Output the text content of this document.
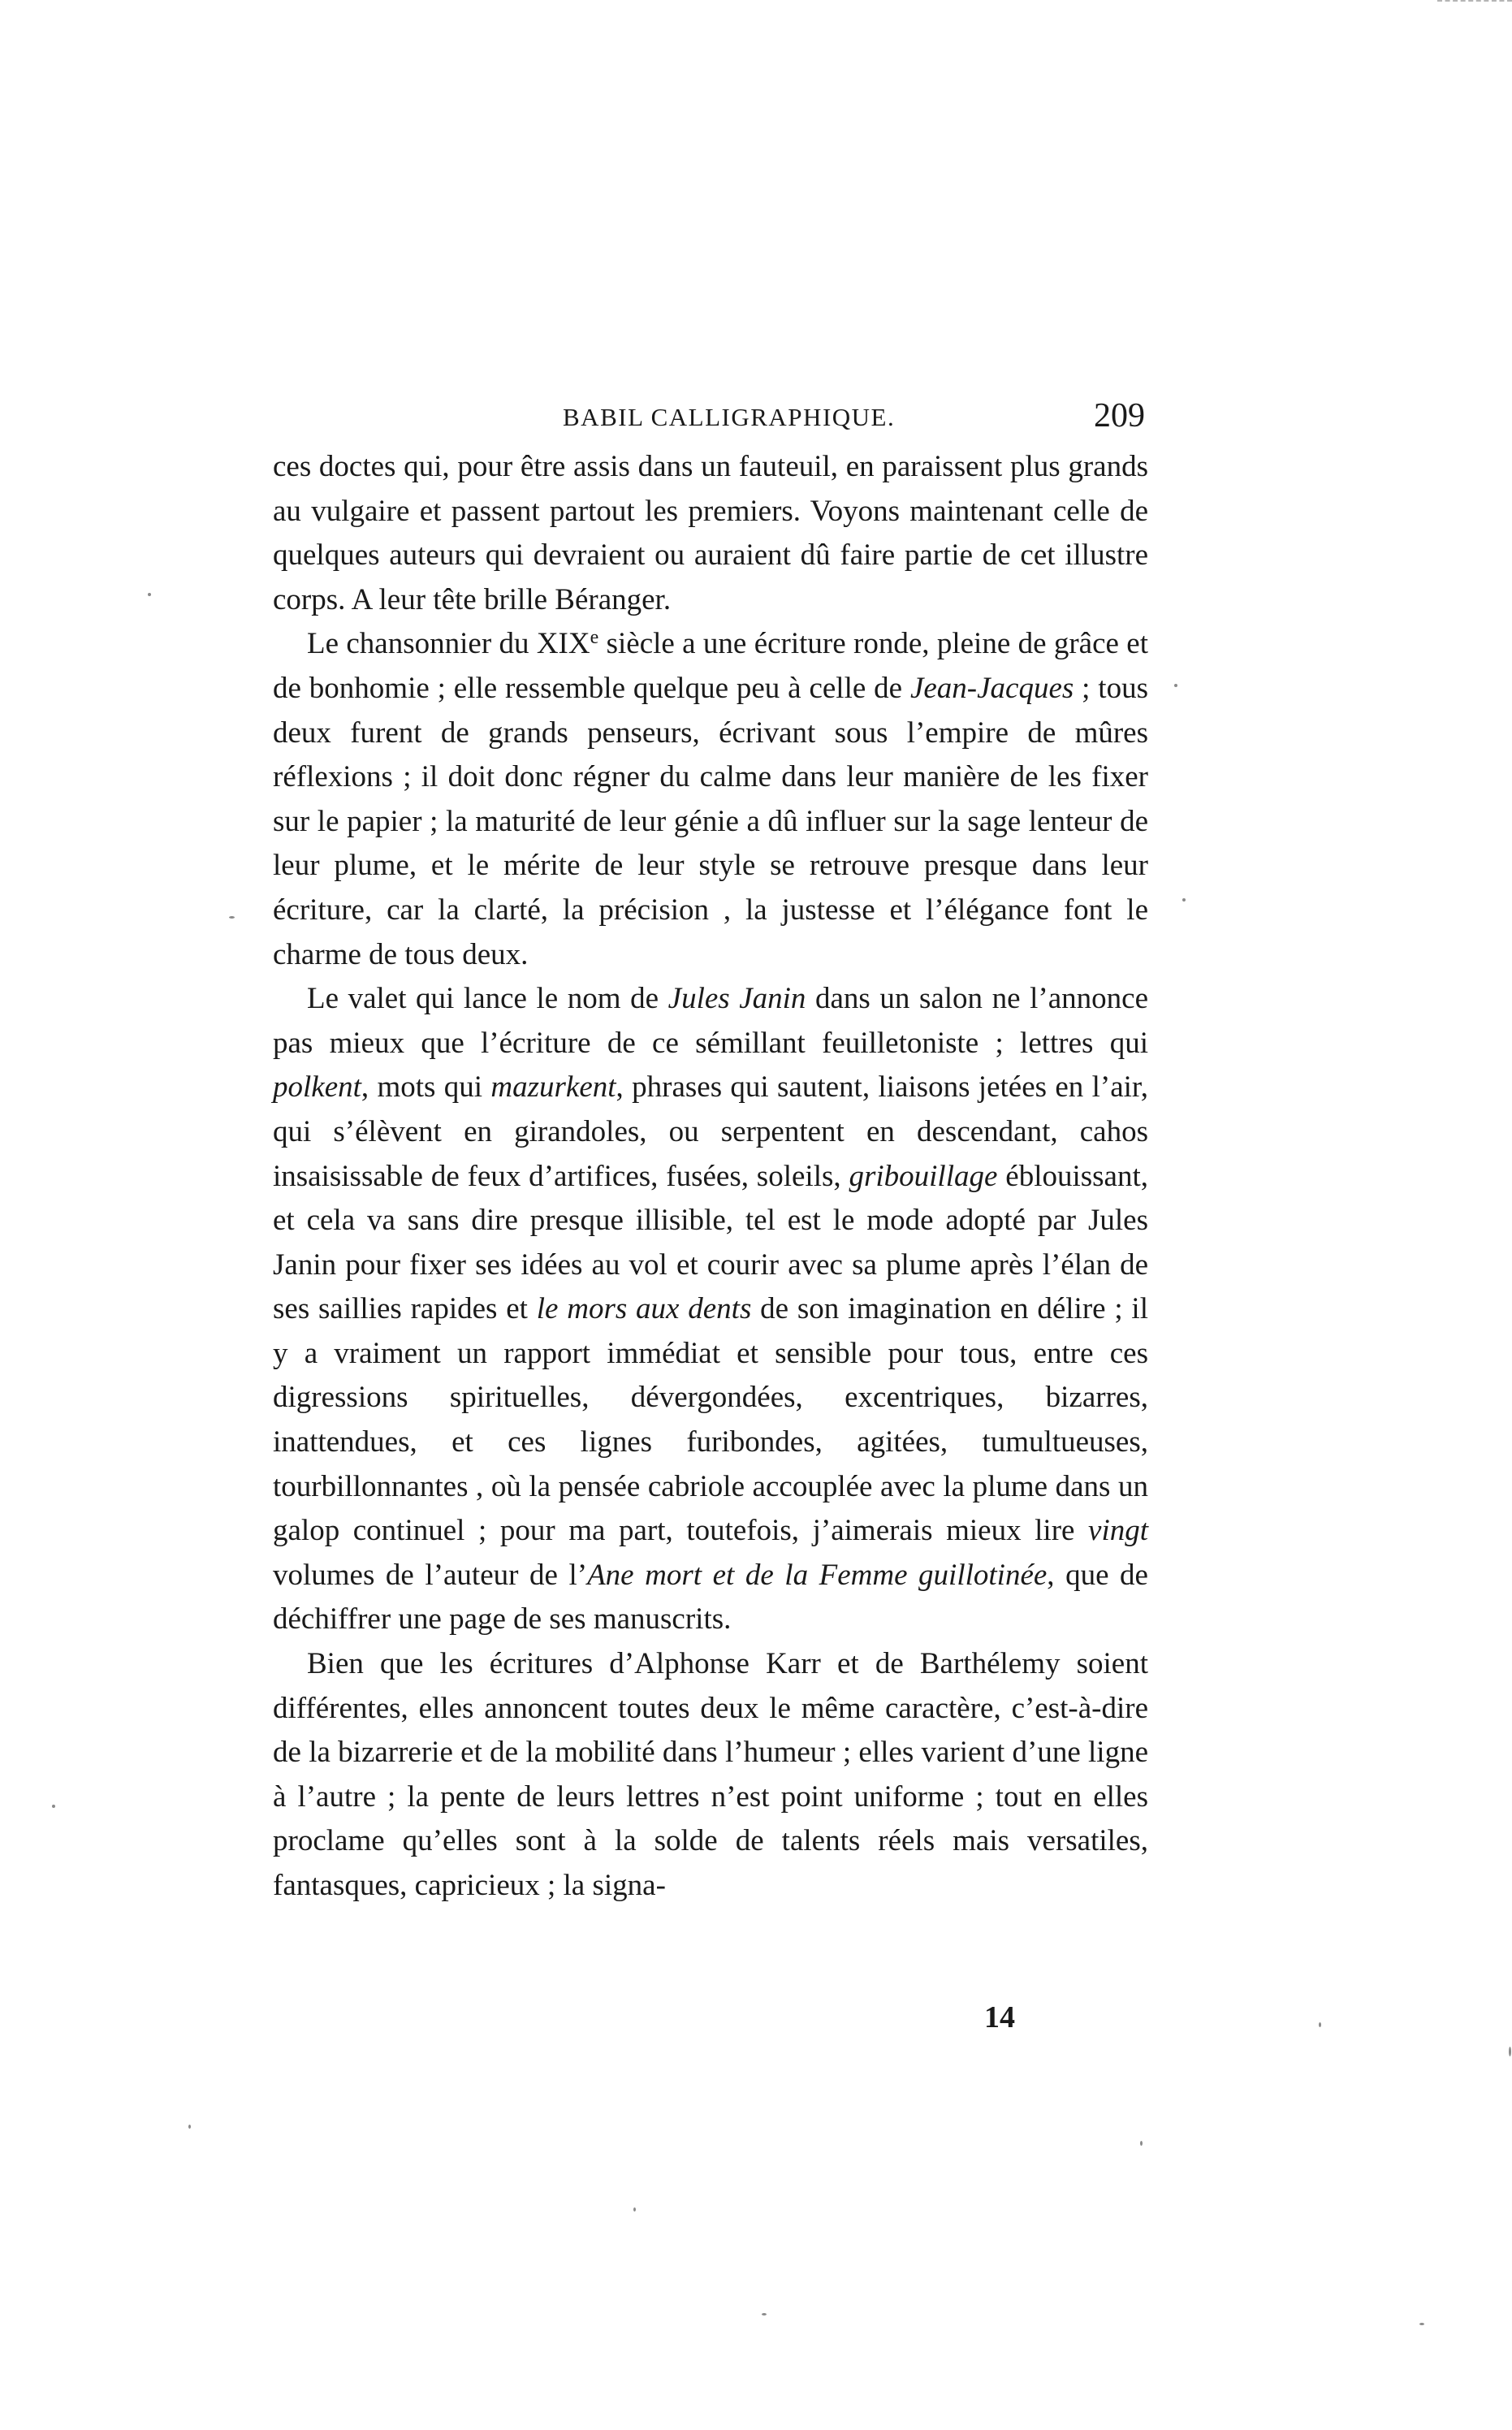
BABIL CALLIGRAPHIQUE.	209

ces doctes qui, pour être assis dans un fauteuil, en paraissent plus grands au vulgaire et passent partout les premiers. Voyons maintenant celle de quelques auteurs qui devraient ou auraient dû faire partie de cet illustre corps. A leur tête brille Béranger.

Le chansonnier du XIXe siècle a une écriture ronde, pleine de grâce et de bonhomie ; elle ressemble quelque peu à celle de Jean-Jacques ; tous deux furent de grands penseurs, écrivant sous l’empire de mûres réflexions ; il doit donc régner du calme dans leur manière de les fixer sur le papier ; la maturité de leur génie a dû influer sur la sage lenteur de leur plume, et le mérite de leur style se retrouve presque dans leur écriture, car la clarté, la précision , la justesse et l’élégance font le charme de tous deux.

Le valet qui lance le nom de Jules Janin dans un salon ne l’annonce pas mieux que l’écriture de ce sémillant feuilletoniste ; lettres qui polkent, mots qui mazurkent, phrases qui sautent, liaisons jetées en l’air, qui s’élèvent en girandoles, ou serpentent en descendant, cahos insaisissable de feux d’artifices, fusées, soleils, gribouillage éblouissant, et cela va sans dire presque illisible, tel est le mode adopté par Jules Janin pour fixer ses idées au vol et courir avec sa plume après l’élan de ses saillies rapides et le mors aux dents de son imagination en délire ; il y a vraiment un rapport immédiat et sensible pour tous, entre ces digressions spirituelles, dévergondées, excentriques, bizarres, inattendues, et ces lignes furibondes, agitées, tumultueuses, tourbillonnantes , où la pensée cabriole accouplée avec la plume dans un galop continuel ; pour ma part, toutefois, j’aimerais mieux lire vingt volumes de l’auteur de l’Ane mort et de la Femme guillotinée, que de déchiffrer une page de ses manuscrits.

Bien que les écritures d’Alphonse Karr et de Barthélemy soient différentes, elles annoncent toutes deux le même caractère, c’est-à-dire de la bizarrerie et de la mobilité dans l’humeur ; elles varient d’une ligne à l’autre ; la pente de leurs lettres n’est point uniforme ; tout en elles proclame qu’elles sont à la solde de talents réels mais versatiles, fantasques, capricieux ; la signa-

14
